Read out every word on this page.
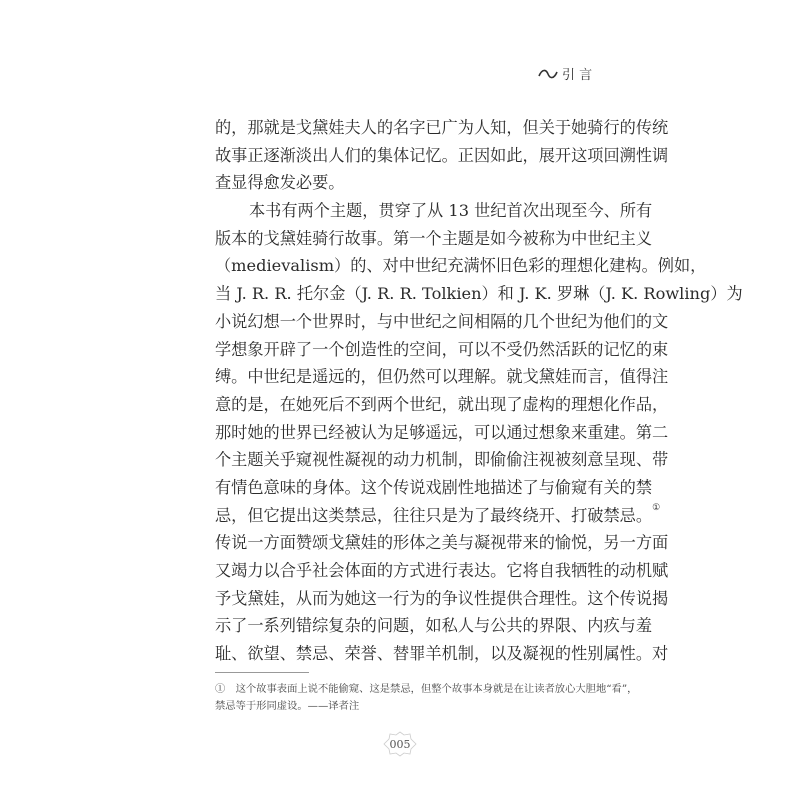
引 言
的，那就是戈黛娃夫人的名字已广为人知，但关于她骑行的传统
故事正逐渐淡出人们的集体记忆。正因如此，展开这项回溯性调
查显得愈发必要。
本书有两个主题，贯穿了从 13 世纪首次出现至今、所有
版本的戈黛娃骑行故事。第一个主题是如今被称为中世纪主义
（medievalism）的、对中世纪充满怀旧色彩的理想化建构。例如，
当 J. R. R. 托尔金（J. R. R. Tolkien）和 J. K. 罗琳（J. K. Rowling）为
小说幻想一个世界时，与中世纪之间相隔的几个世纪为他们的文
学想象开辟了一个创造性的空间，可以不受仍然活跃的记忆的束
缚。中世纪是遥远的，但仍然可以理解。就戈黛娃而言，值得注
意的是，在她死后不到两个世纪，就出现了虚构的理想化作品，
那时她的世界已经被认为足够遥远，可以通过想象来重建。第二
个主题关乎窥视性凝视的动力机制，即偷偷注视被刻意呈现、带
有情色意味的身体。这个传说戏剧性地描述了与偷窥有关的禁
忌，但它提出这类禁忌，往往只是为了最终绕开、打破禁忌。①
传说一方面赞颂戈黛娃的形体之美与凝视带来的愉悦，另一方面
又竭力以合乎社会体面的方式进行表达。它将自我牺牲的动机赋
予戈黛娃，从而为她这一行为的争议性提供合理性。这个传说揭
示了一系列错综复杂的问题，如私人与公共的界限、内疚与羞
耻、欲望、禁忌、荣誉、替罪羊机制，以及凝视的性别属性。对
①　这个故事表面上说不能偷窥、这是禁忌，但整个故事本身就是在让读者放心大胆地“看”，
禁忌等于形同虚设。——译者注
005
